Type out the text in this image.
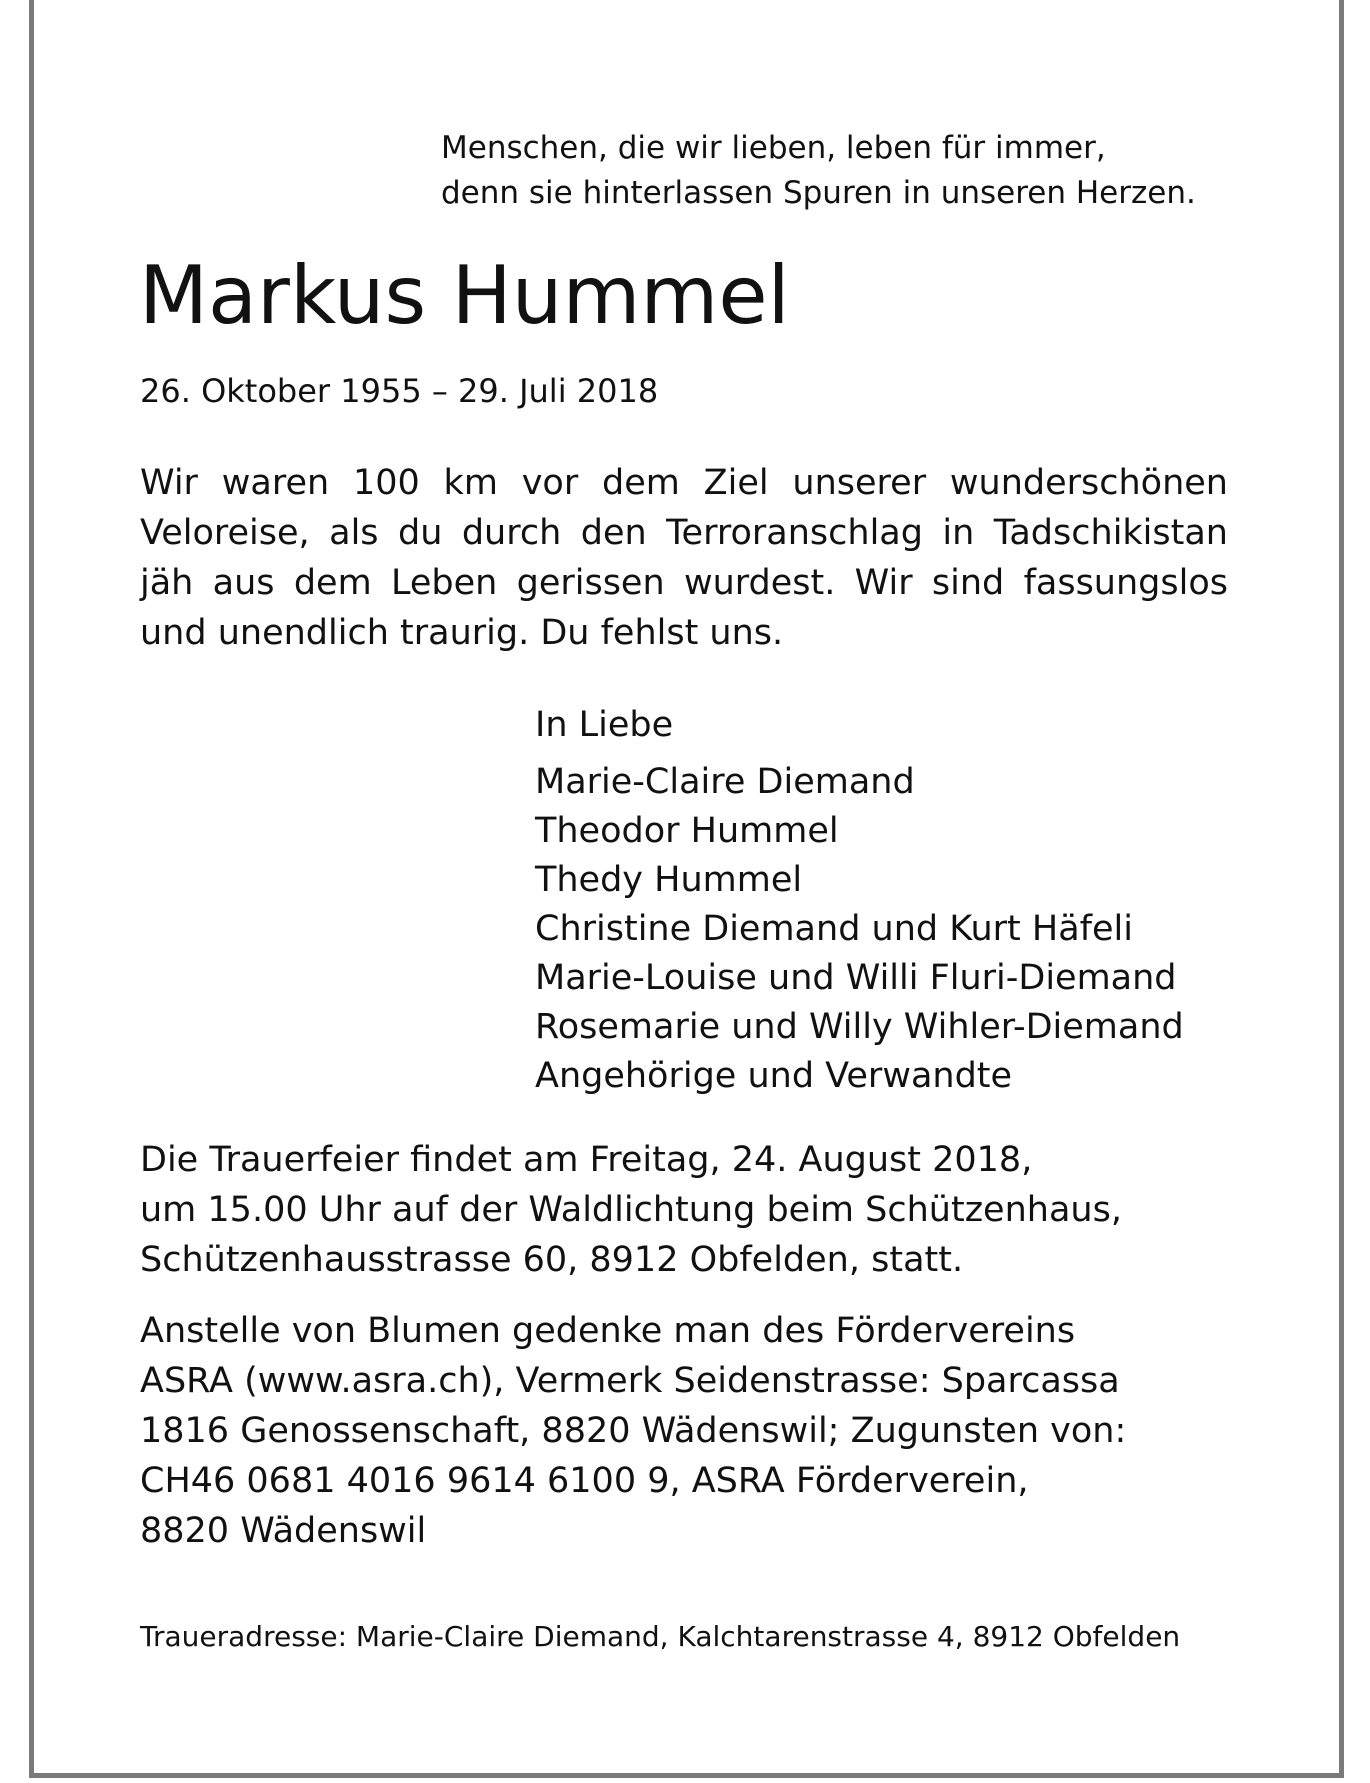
Menschen, die wir lieben, leben für immer,
denn sie hinterlassen Spuren in unseren Herzen.
Markus Hummel
26. Oktober 1955 – 29. Juli 2018

Wir waren 100 km vor dem Ziel unserer wunderschönen Veloreise, als du durch den Terroranschlag in Tadschikistan jäh aus dem Leben gerissen wurdest. Wir sind fassungslos und unendlich traurig. Du fehlst uns.

In Liebe
Marie-Claire Diemand
Theodor Hummel
Thedy Hummel
Christine Diemand und Kurt Häfeli
Marie-Louise und Willi Fluri-Diemand
Rosemarie und Willy Wihler-Diemand
Angehörige und Verwandte
Die Trauerfeier findet am Freitag, 24. August 2018,
um 15.00 Uhr auf der Waldlichtung beim Schützenhaus,
Schützenhausstrasse 60, 8912 Obfelden, statt.
Anstelle von Blumen gedenke man des Fördervereins
ASRA (www.asra.ch), Vermerk Seidenstrasse: Sparcassa
1816 Genossenschaft, 8820 Wädenswil; Zugunsten von:
CH46 0681 4016 9614 6100 9, ASRA Förderverein,
8820 Wädenswil
Traueradresse: Marie-Claire Diemand, Kalchtarenstrasse 4, 8912 Obfelden
